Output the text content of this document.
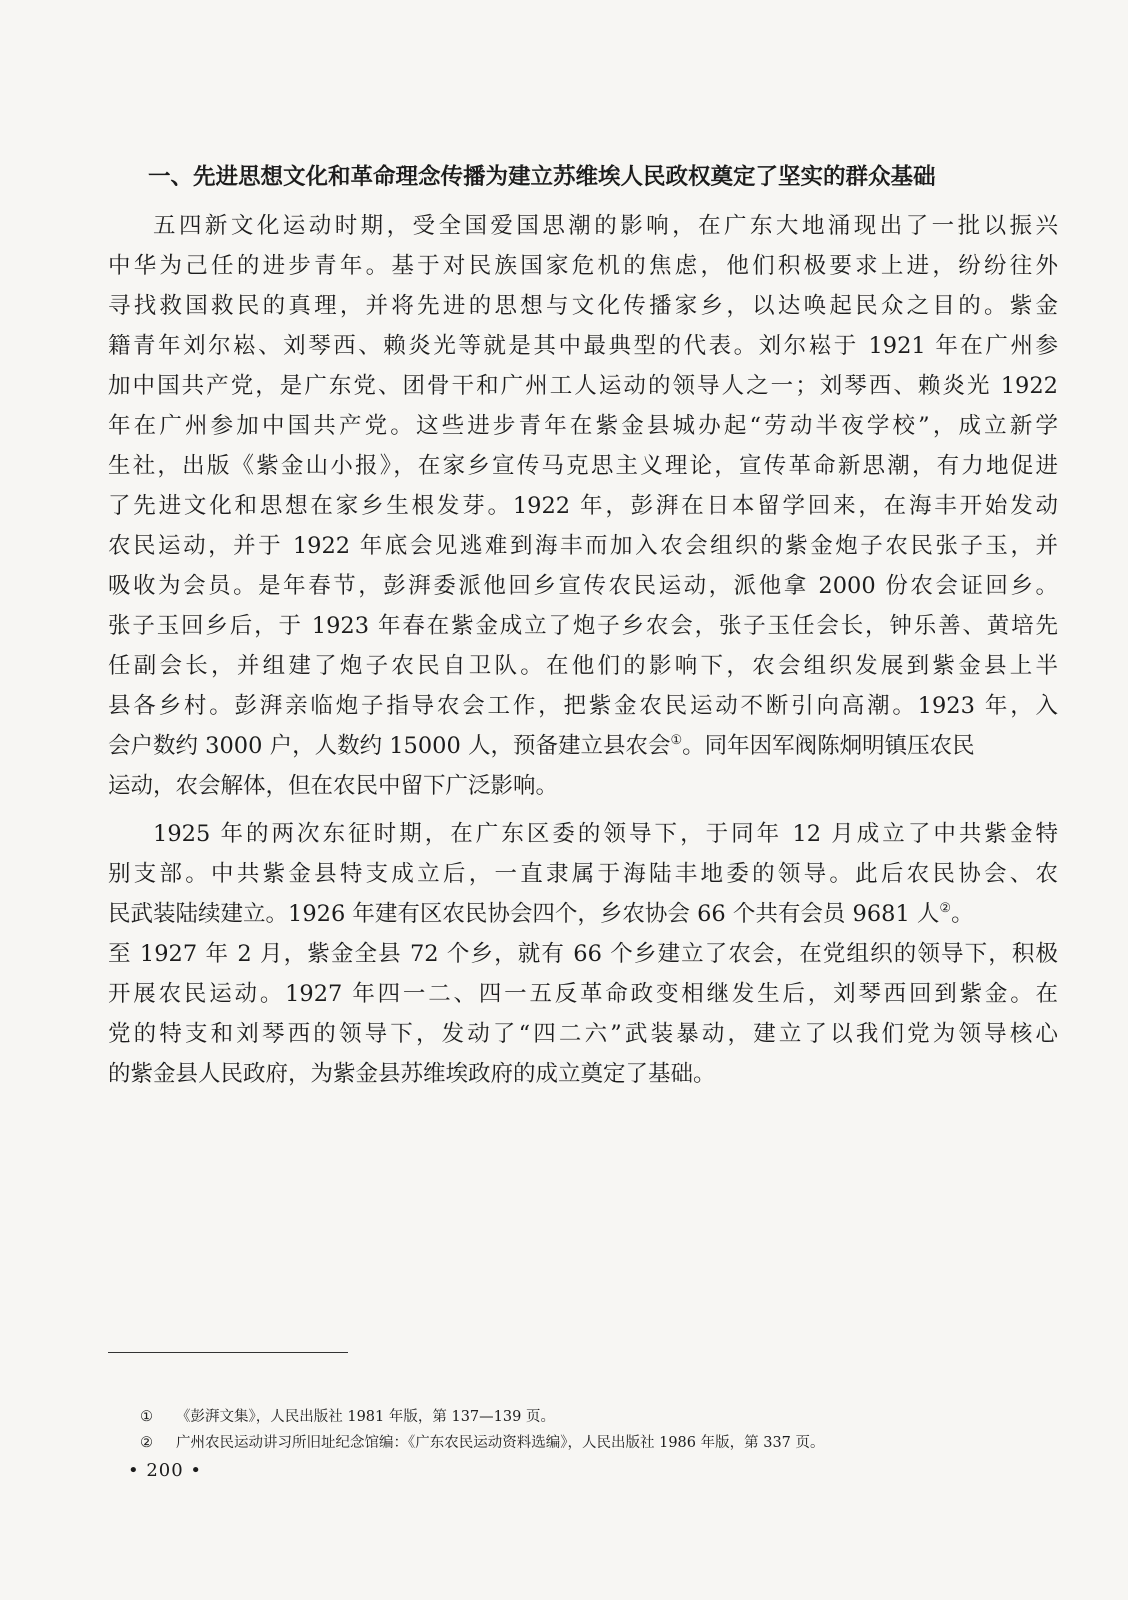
一、先进思想文化和革命理念传播为建立苏维埃人民政权奠定了坚实的群众基础
五四新文化运动时期，受全国爱国思潮的影响，在广东大地涌现出了一批以振兴
中华为己任的进步青年。基于对民族国家危机的焦虑，他们积极要求上进，纷纷往外
寻找救国救民的真理，并将先进的思想与文化传播家乡，以达唤起民众之目的。紫金
籍青年刘尔崧、刘琴西、赖炎光等就是其中最典型的代表。刘尔崧于 1921 年在广州参
加中国共产党，是广东党、团骨干和广州工人运动的领导人之一；刘琴西、赖炎光 1922
年在广州参加中国共产党。这些进步青年在紫金县城办起“劳动半夜学校”，成立新学
生社，出版《紫金山小报》，在家乡宣传马克思主义理论，宣传革命新思潮，有力地促进
了先进文化和思想在家乡生根发芽。1922 年，彭湃在日本留学回来，在海丰开始发动
农民运动，并于 1922 年底会见逃难到海丰而加入农会组织的紫金炮子农民张子玉，并
吸收为会员。是年春节，彭湃委派他回乡宣传农民运动，派他拿 2000 份农会证回乡。
张子玉回乡后，于 1923 年春在紫金成立了炮子乡农会，张子玉任会长，钟乐善、黄培先
任副会长，并组建了炮子农民自卫队。在他们的影响下，农会组织发展到紫金县上半
县各乡村。彭湃亲临炮子指导农会工作，把紫金农民运动不断引向高潮。1923 年，入
会户数约 3000 户，人数约 15000 人，预备建立县农会①。同年因军阀陈炯明镇压农民
运动，农会解体，但在农民中留下广泛影响。
1925 年的两次东征时期，在广东区委的领导下，于同年 12 月成立了中共紫金特
别支部。中共紫金县特支成立后，一直隶属于海陆丰地委的领导。此后农民协会、农
民武装陆续建立。1926 年建有区农民协会四个，乡农协会 66 个共有会员 9681 人②。
至 1927 年 2 月，紫金全县 72 个乡，就有 66 个乡建立了农会，在党组织的领导下，积极
开展农民运动。1927 年四一二、四一五反革命政变相继发生后，刘琴西回到紫金。在
党的特支和刘琴西的领导下，发动了“四二六”武装暴动，建立了以我们党为领导核心
的紫金县人民政府，为紫金县苏维埃政府的成立奠定了基础。
① 《彭湃文集》，人民出版社 1981 年版，第 137—139 页。
② 广州农民运动讲习所旧址纪念馆编：《广东农民运动资料选编》，人民出版社 1986 年版，第 337 页。
• 200 •
